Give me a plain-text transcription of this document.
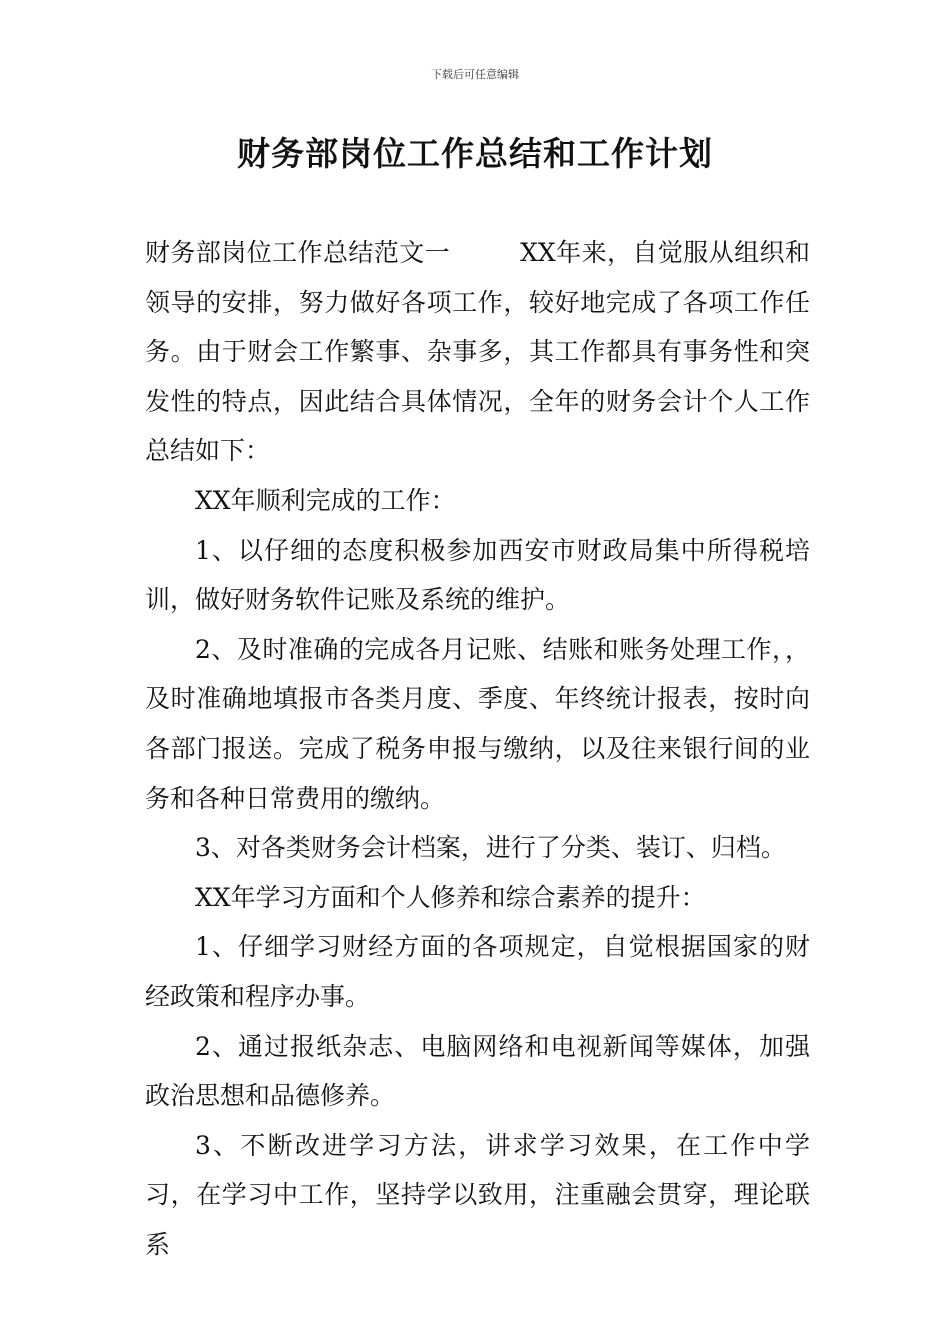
下载后可任意编辑
财务部岗位工作总结和工作计划

财务部岗位工作总结范文一	XX年来，自觉服从组织和领导的安排，努力做好各项工作，较好地完成了各项工作任务。由于财会工作繁事、杂事多，其工作都具有事务性和突发性的特点，因此结合具体情况，全年的财务会计个人工作总结如下：

XX年顺利完成的工作：

1、以仔细的态度积极参加西安市财政局集中所得税培训，做好财务软件记账及系统的维护。

2、及时准确的完成各月记账、结账和账务处理工作，，及时准确地填报市各类月度、季度、年终统计报表，按时向各部门报送。完成了税务申报与缴纳，以及往来银行间的业务和各种日常费用的缴纳。

3、对各类财务会计档案，进行了分类、装订、归档。

XX年学习方面和个人修养和综合素养的提升：

1、仔细学习财经方面的各项规定，自觉根据国家的财经政策和程序办事。

2、通过报纸杂志、电脑网络和电视新闻等媒体，加强政治思想和品德修养。

3、不断改进学习方法，讲求学习效果，在工作中学习，在学习中工作，坚持学以致用，注重融会贯穿，理论联系
